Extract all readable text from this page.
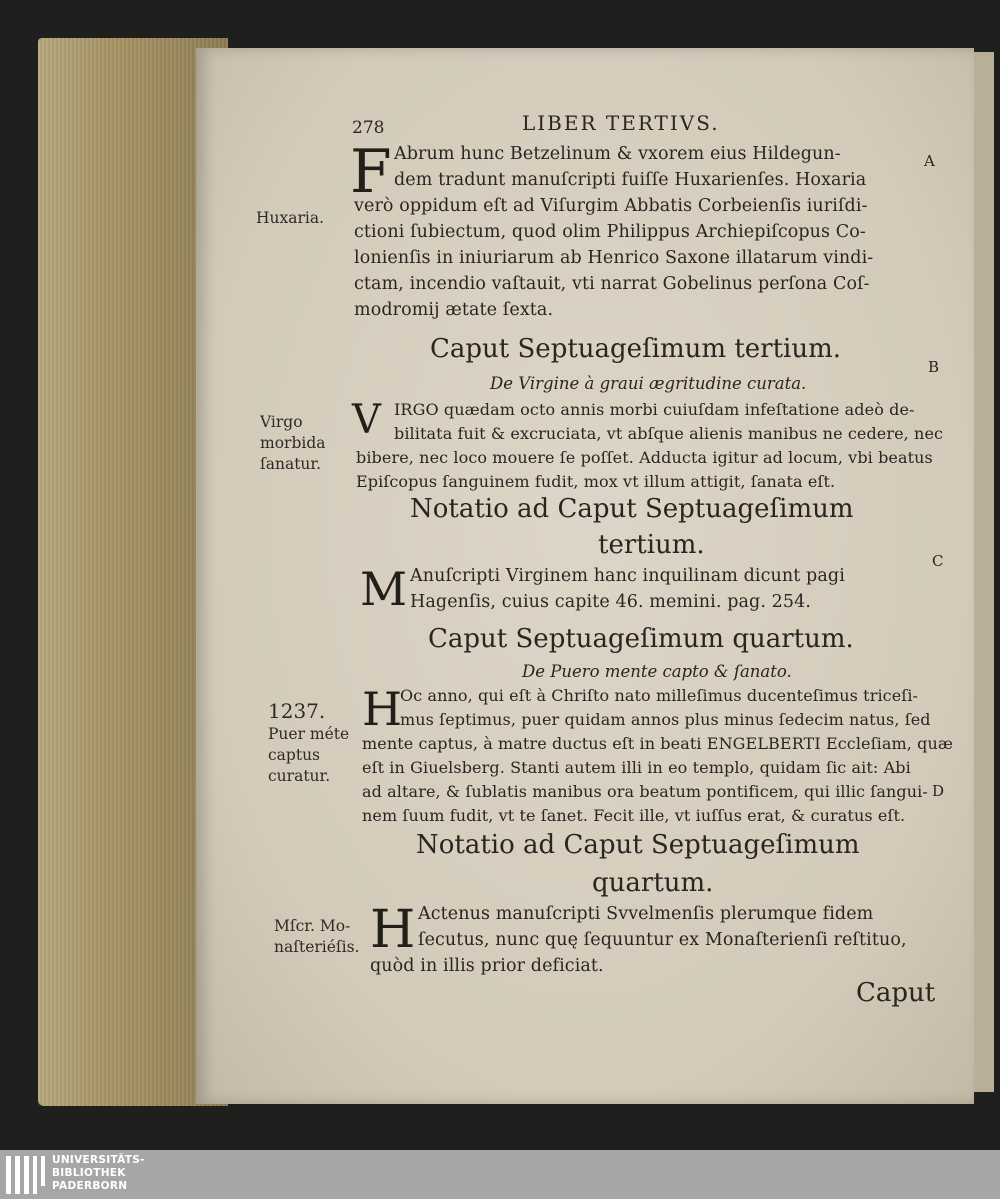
278	LIBER TERTIVS.
F Abrum hunc Betzelinum & vxorem eius Hildegun-
dem tradunt manuſcripti fuiſſe Huxarienſes. Hoxaria
verò oppidum eſt ad Viſurgim Abbatis Corbeienſis iuriſdi-
ctioni ſubiectum, quod olim Philippus Archiepiſcopus Co-
lonienſis in iniuriarum ab Henrico Saxone illatarum vindi-
ctam, incendio vaſtauit, vti narrat Gobelinus perſona Coſ-
modromij ætate ſexta.
Caput Septuageſimum tertium.
De Virgine à graui ægritudine curata.
V IRGO quædam octo annis morbi cuiuſdam infeſtatione adeò de-
bilitata fuit & excruciata, vt abſque alienis manibus ne cedere, nec
bibere, nec loco mouere ſe poſſet. Adducta igitur ad locum, vbi beatus
Epiſcopus ſanguinem fudit, mox vt illum attigit, ſanata eſt.
Notatio ad Caput Septuageſimum
tertium.
M Anuſcripti Virginem hanc inquilinam dicunt pagi
Hagenſis, cuius capite 46. memini. pag. 254.
Caput Septuageſimum quartum.
De Puero mente capto & ſanato.
H
Oc anno, qui eſt à Chriſto nato milleſimus ducenteſimus triceſi-
mus ſeptimus, puer quidam annos plus minus ſedecim natus, ſed
mente captus, à matre ductus eſt in beati ENGELBERTI Eccleſiam, quæ
eſt in Giuelsberg. Stanti autem illi in eo templo, quidam ſic ait: Abi
ad altare, & ſublatis manibus ora beatum pontificem, qui illic ſangui-
nem ſuum fudit, vt te ſanet. Fecit ille, vt iuſſus erat, & curatus eſt.
Notatio ad Caput Septuageſimum
quartum.
H Actenus manuſcripti Svvelmenſis plerumque fidem
ſecutus, nunc quę ſequuntur ex Monaſterienſi reſtituo,
quòd in illis prior deficiat.
Caput
Huxaria.
Virgo
morbida
ſanatur.
1237.
Puer méte
captus
curatur.
Mſcr. Mo-
naſteriéſis.
A
B
C
D
UNIVERSITÄTS-
BIBLIOTHEK
PADERBORN
